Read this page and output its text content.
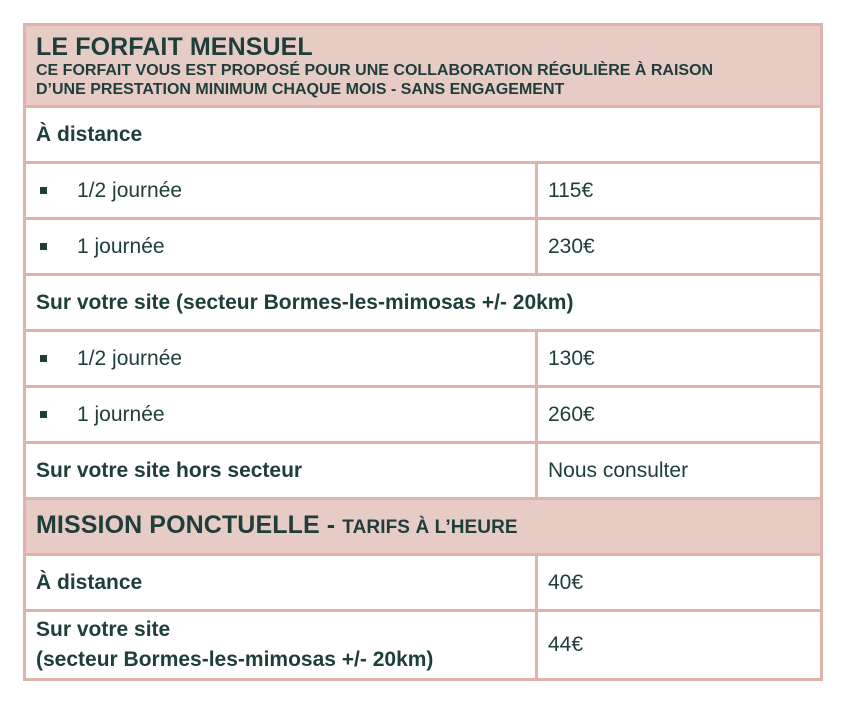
LE FORFAIT MENSUEL
CE FORFAIT VOUS EST PROPOSÉ POUR UNE COLLABORATION RÉGULIÈRE À RAISON
D’UNE PRESTATION MINIMUM CHAQUE MOIS - SANS ENGAGEMENT	

À distance	
1/2 journée	115€
1 journée	230€
Sur votre site (secteur Bormes-les-mimosas +/- 20km)	
1/2 journée	130€
1 journée	260€
Sur votre site hors secteur	Nous consulter
MISSION PONCTUELLE - TARIFS À L’HEURE	
À distance	40€

Sur votre site
(secteur Bormes-les-mimosas +/- 20km)	44€
